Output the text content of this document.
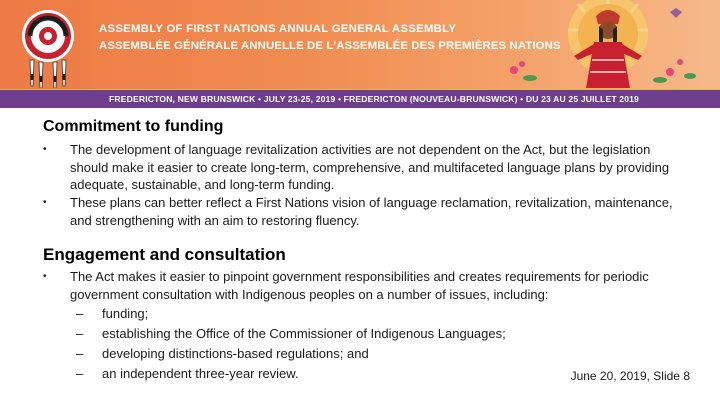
ASSEMBLY OF FIRST NATIONS ANNUAL GENERAL ASSEMBLY
ASSEMBLÉE GÉNÉRALE ANNUELLE DE L'ASSEMBLÉE DES PREMIÈRES NATIONS
FREDERICTON, NEW BRUNSWICK • JULY 23-25, 2019 • FREDERICTON (NOUVEAU-BRUNSWICK) • DU 23 AU 25 JUILLET 2019
Commitment to funding
• The development of language revitalization activities are not dependent on the Act, but the legislation should make it easier to create long-term, comprehensive, and multifaceted language plans by providing adequate, sustainable, and long-term funding.
• These plans can better reflect a First Nations vision of language reclamation, revitalization, maintenance, and strengthening with an aim to restoring fluency.
Engagement and consultation
• The Act makes it easier to pinpoint government responsibilities and creates requirements for periodic government consultation with Indigenous peoples on a number of issues, including:
– funding;
– establishing the Office of the Commissioner of Indigenous Languages;
– developing distinctions-based regulations; and
– an independent three-year review.	June 20, 2019, Slide 8
